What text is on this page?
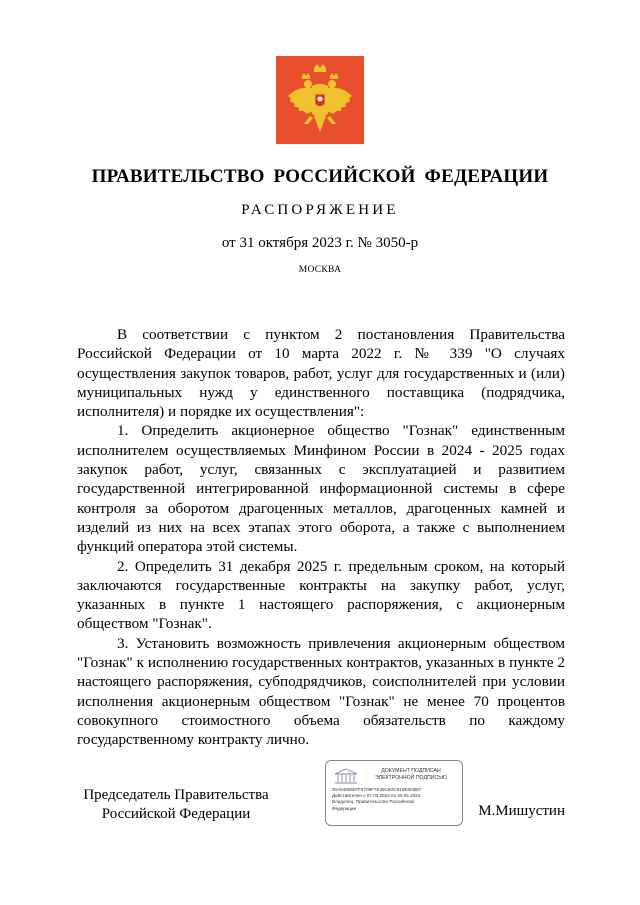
ПРАВИТЕЛЬСТВО РОССИЙСКОЙ ФЕДЕРАЦИИ
РАСПОРЯЖЕНИЕ
от 31 октября 2023 г. № 3050-р
МОСКВА

В соответствии с пунктом 2 постановления Правительства Российской Федерации от 10 марта 2022 г. № 339 "О случаях осуществления закупок товаров, работ, услуг для государственных и (или) муниципальных нужд у единственного поставщика (подрядчика, исполнителя) и порядке их осуществления":

1. Определить акционерное общество "Гознак" единственным исполнителем осуществляемых Минфином России в 2024 - 2025 годах закупок работ, услуг, связанных с эксплуатацией и развитием государственной интегрированной информационной системы в сфере контроля за оборотом драгоценных металлов, драгоценных камней и изделий из них на всех этапах этого оборота, а также с выполнением функций оператора этой системы.

2. Определить 31 декабря 2025 г. предельным сроком, на который заключаются государственные контракты на закупку работ, услуг, указанных в пункте 1 настоящего распоряжения, с акционерным обществом "Гознак".

3. Установить возможность привлечения акционерным обществом "Гознак" к исполнению государственных контрактов, указанных в пункте 2 настоящего распоряжения, субподрядчиков, соисполнителей при условии исполнения акционерным обществом "Гознак" не менее 70 процентов совокупного стоимостного объема обязательств по каждому государственному контракту лично.

Председатель Правительства
Российской Федерации
ДОКУМЕНТ ПОДПИСАН
ЭЛЕКТРОННОЙ ПОДПИСЬЮ
00A5490807F6709F7E29CB2C818E003EF
Действителен с 07.03.2023 по 30.05.2024
Владелец: Правительство Российской
Федерации	М.Мишустин
